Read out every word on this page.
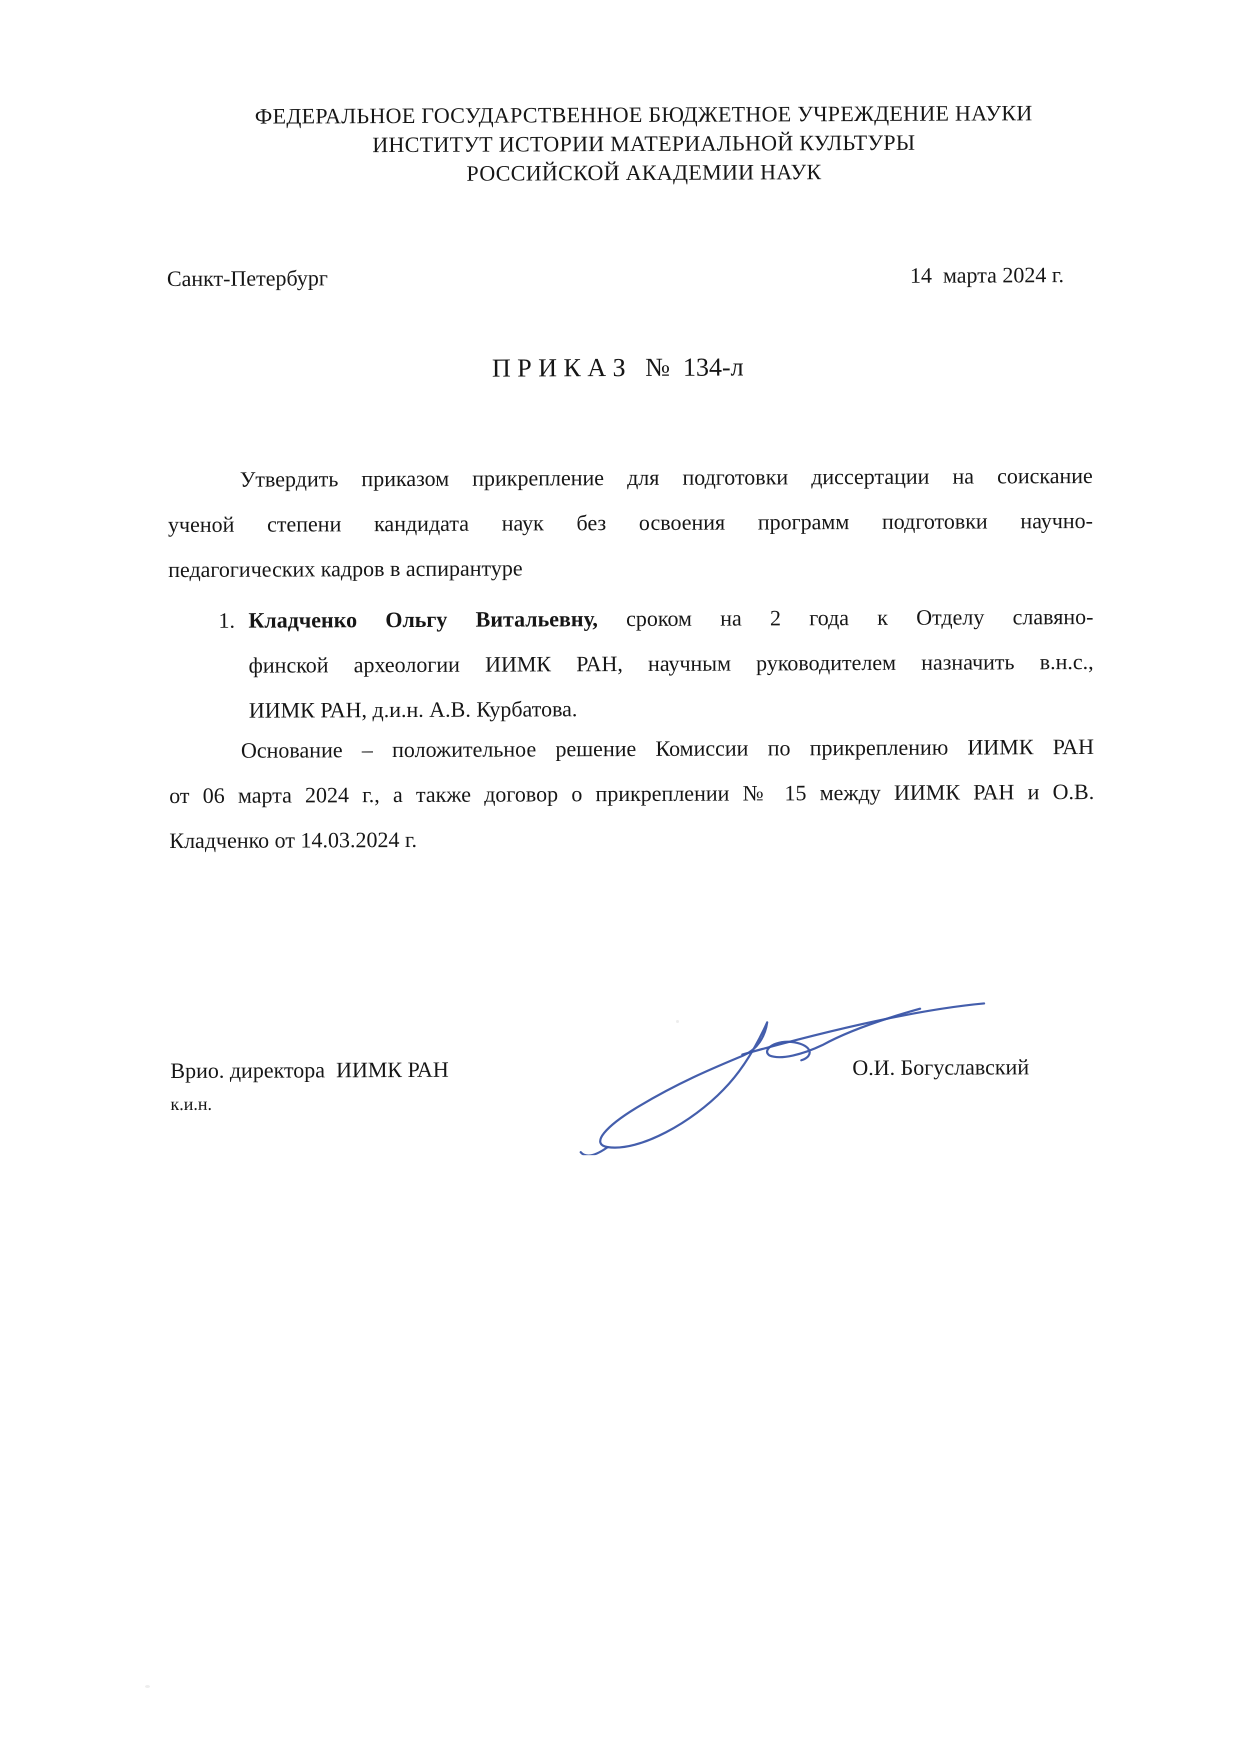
ФЕДЕРАЛЬНОЕ ГОСУДАРСТВЕННОЕ БЮДЖЕТНОЕ УЧРЕЖДЕНИЕ НАУКИ
ИНСТИТУТ ИСТОРИИ МАТЕРИАЛЬНОЙ КУЛЬТУРЫ
РОССИЙСКОЙ АКАДЕМИИ НАУК
Санкт-Петербург	14  марта 2024 г.
П Р И К А З   №  134-л
Утвердить приказом прикрепление для подготовки диссертации на соискание
ученой степени кандидата наук без освоения программ подготовки научно-
педагогических кадров в аспирантуре
1. Кладченко Ольгу Витальевну, сроком на 2 года к Отделу славяно-
финской археологии ИИМК РАН, научным руководителем назначить в.н.с.,
ИИМК РАН, д.и.н. А.В. Курбатова.
Основание – положительное решение Комиссии по прикреплению ИИМК РАН
от 06 марта 2024 г., а также договор о прикреплении № 15 между ИИМК РАН и О.В.
Кладченко от 14.03.2024 г.
Врио. директора  ИИМК РАН
к.и.н.
О.И. Богуславский
